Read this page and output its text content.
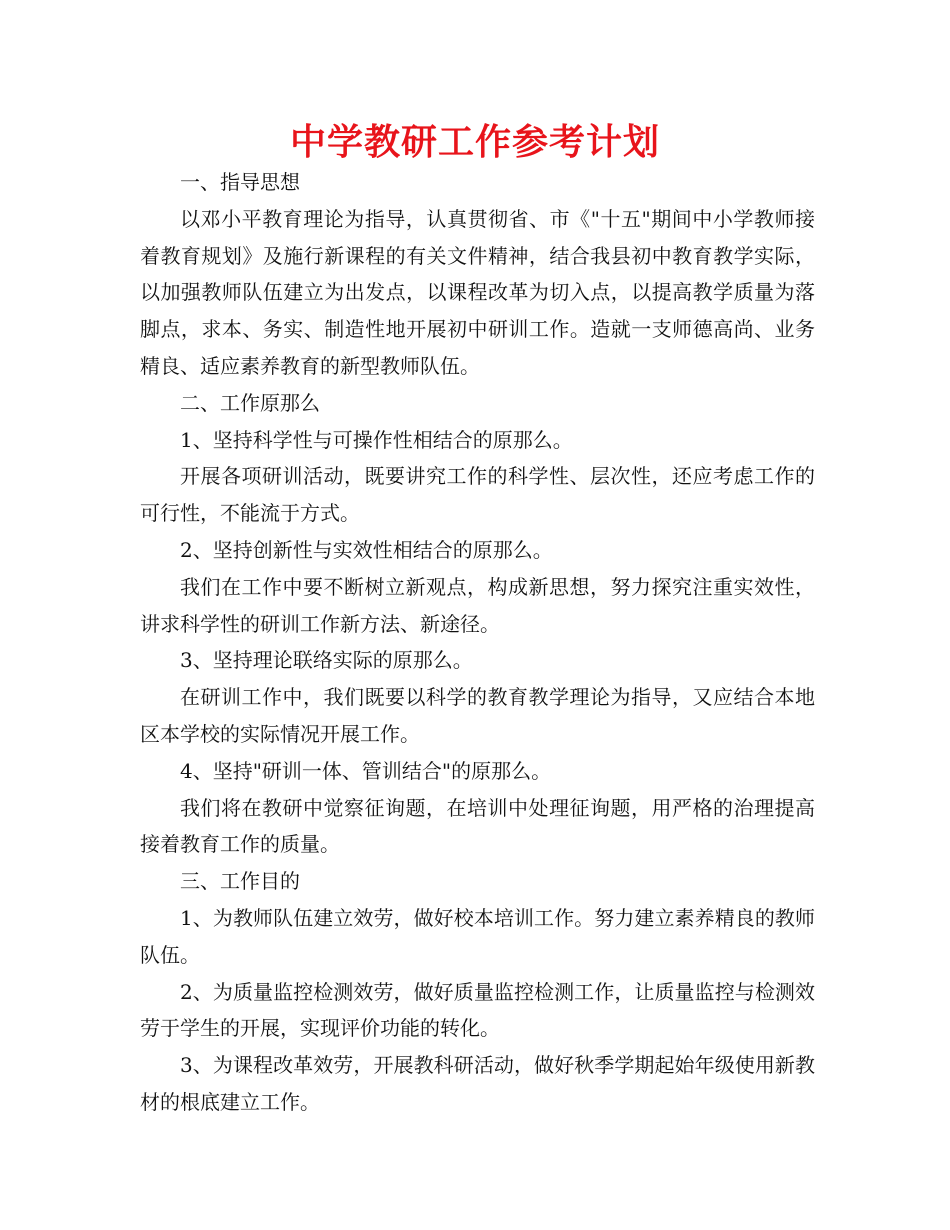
中学教研工作参考计划

一、指导思想

以邓小平教育理论为指导，认真贯彻省、市《"十五"期间中小学教师接着教育规划》及施行新课程的有关文件精神，结合我县初中教育教学实际，以加强教师队伍建立为出发点，以课程改革为切入点，以提高教学质量为落脚点，求本、务实、制造性地开展初中研训工作。造就一支师德高尚、业务精良、适应素养教育的新型教师队伍。

二、工作原那么

1、坚持科学性与可操作性相结合的原那么。

开展各项研训活动，既要讲究工作的科学性、层次性，还应考虑工作的可行性，不能流于方式。

2、坚持创新性与实效性相结合的原那么。

我们在工作中要不断树立新观点，构成新思想，努力探究注重实效性，讲求科学性的研训工作新方法、新途径。

3、坚持理论联络实际的原那么。

在研训工作中，我们既要以科学的教育教学理论为指导，又应结合本地区本学校的实际情况开展工作。

4、坚持"研训一体、管训结合"的原那么。

我们将在教研中觉察征询题，在培训中处理征询题，用严格的治理提高接着教育工作的质量。

三、工作目的

1、为教师队伍建立效劳，做好校本培训工作。努力建立素养精良的教师队伍。

2、为质量监控检测效劳，做好质量监控检测工作，让质量监控与检测效劳于学生的开展，实现评价功能的转化。

3、为课程改革效劳，开展教科研活动，做好秋季学期起始年级使用新教材的根底建立工作。
